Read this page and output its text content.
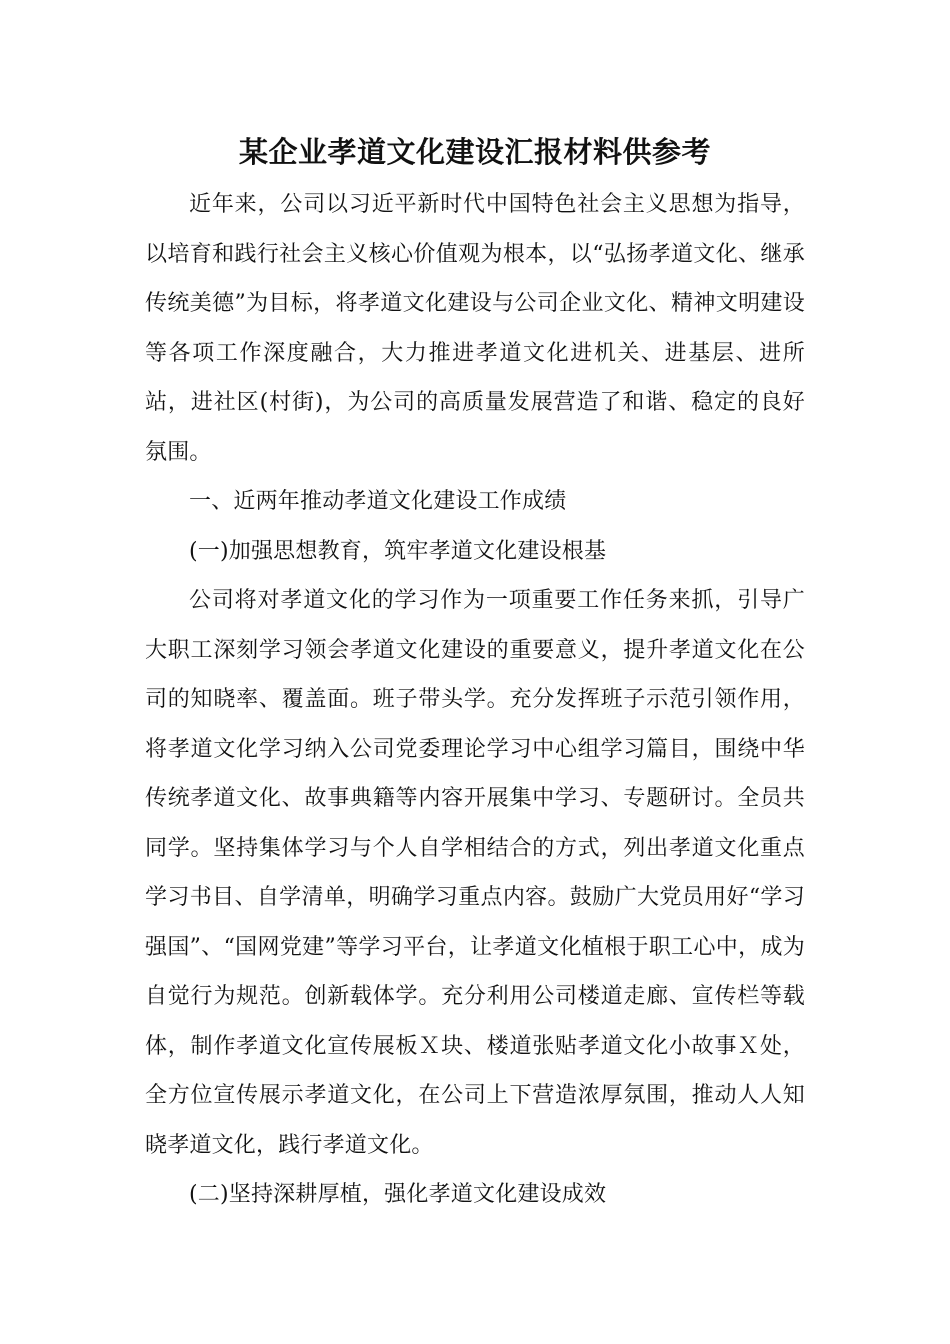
某企业孝道文化建设汇报材料供参考

近年来，公司以习近平新时代中国特色社会主义思想为指导，以培育和践行社会主义核心价值观为根本，以“弘扬孝道文化、继承传统美德”为目标，将孝道文化建设与公司企业文化、精神文明建设等各项工作深度融合，大力推进孝道文化进机关、进基层、进所站，进社区(村街)，为公司的高质量发展营造了和谐、稳定的良好氛围。

一、近两年推动孝道文化建设工作成绩

(一)加强思想教育，筑牢孝道文化建设根基

公司将对孝道文化的学习作为一项重要工作任务来抓，引导广大职工深刻学习领会孝道文化建设的重要意义，提升孝道文化在公司的知晓率、覆盖面。班子带头学。充分发挥班子示范引领作用，将孝道文化学习纳入公司党委理论学习中心组学习篇目，围绕中华传统孝道文化、故事典籍等内容开展集中学习、专题研讨。全员共同学。坚持集体学习与个人自学相结合的方式，列出孝道文化重点学习书目、自学清单，明确学习重点内容。鼓励广大党员用好“学习强国”、“国网党建”等学习平台，让孝道文化植根于职工心中，成为自觉行为规范。创新载体学。充分利用公司楼道走廊、宣传栏等载体，制作孝道文化宣传展板Ｘ块、楼道张贴孝道文化小故事Ｘ处，全方位宣传展示孝道文化，在公司上下营造浓厚氛围，推动人人知晓孝道文化，践行孝道文化。

(二)坚持深耕厚植，强化孝道文化建设成效
